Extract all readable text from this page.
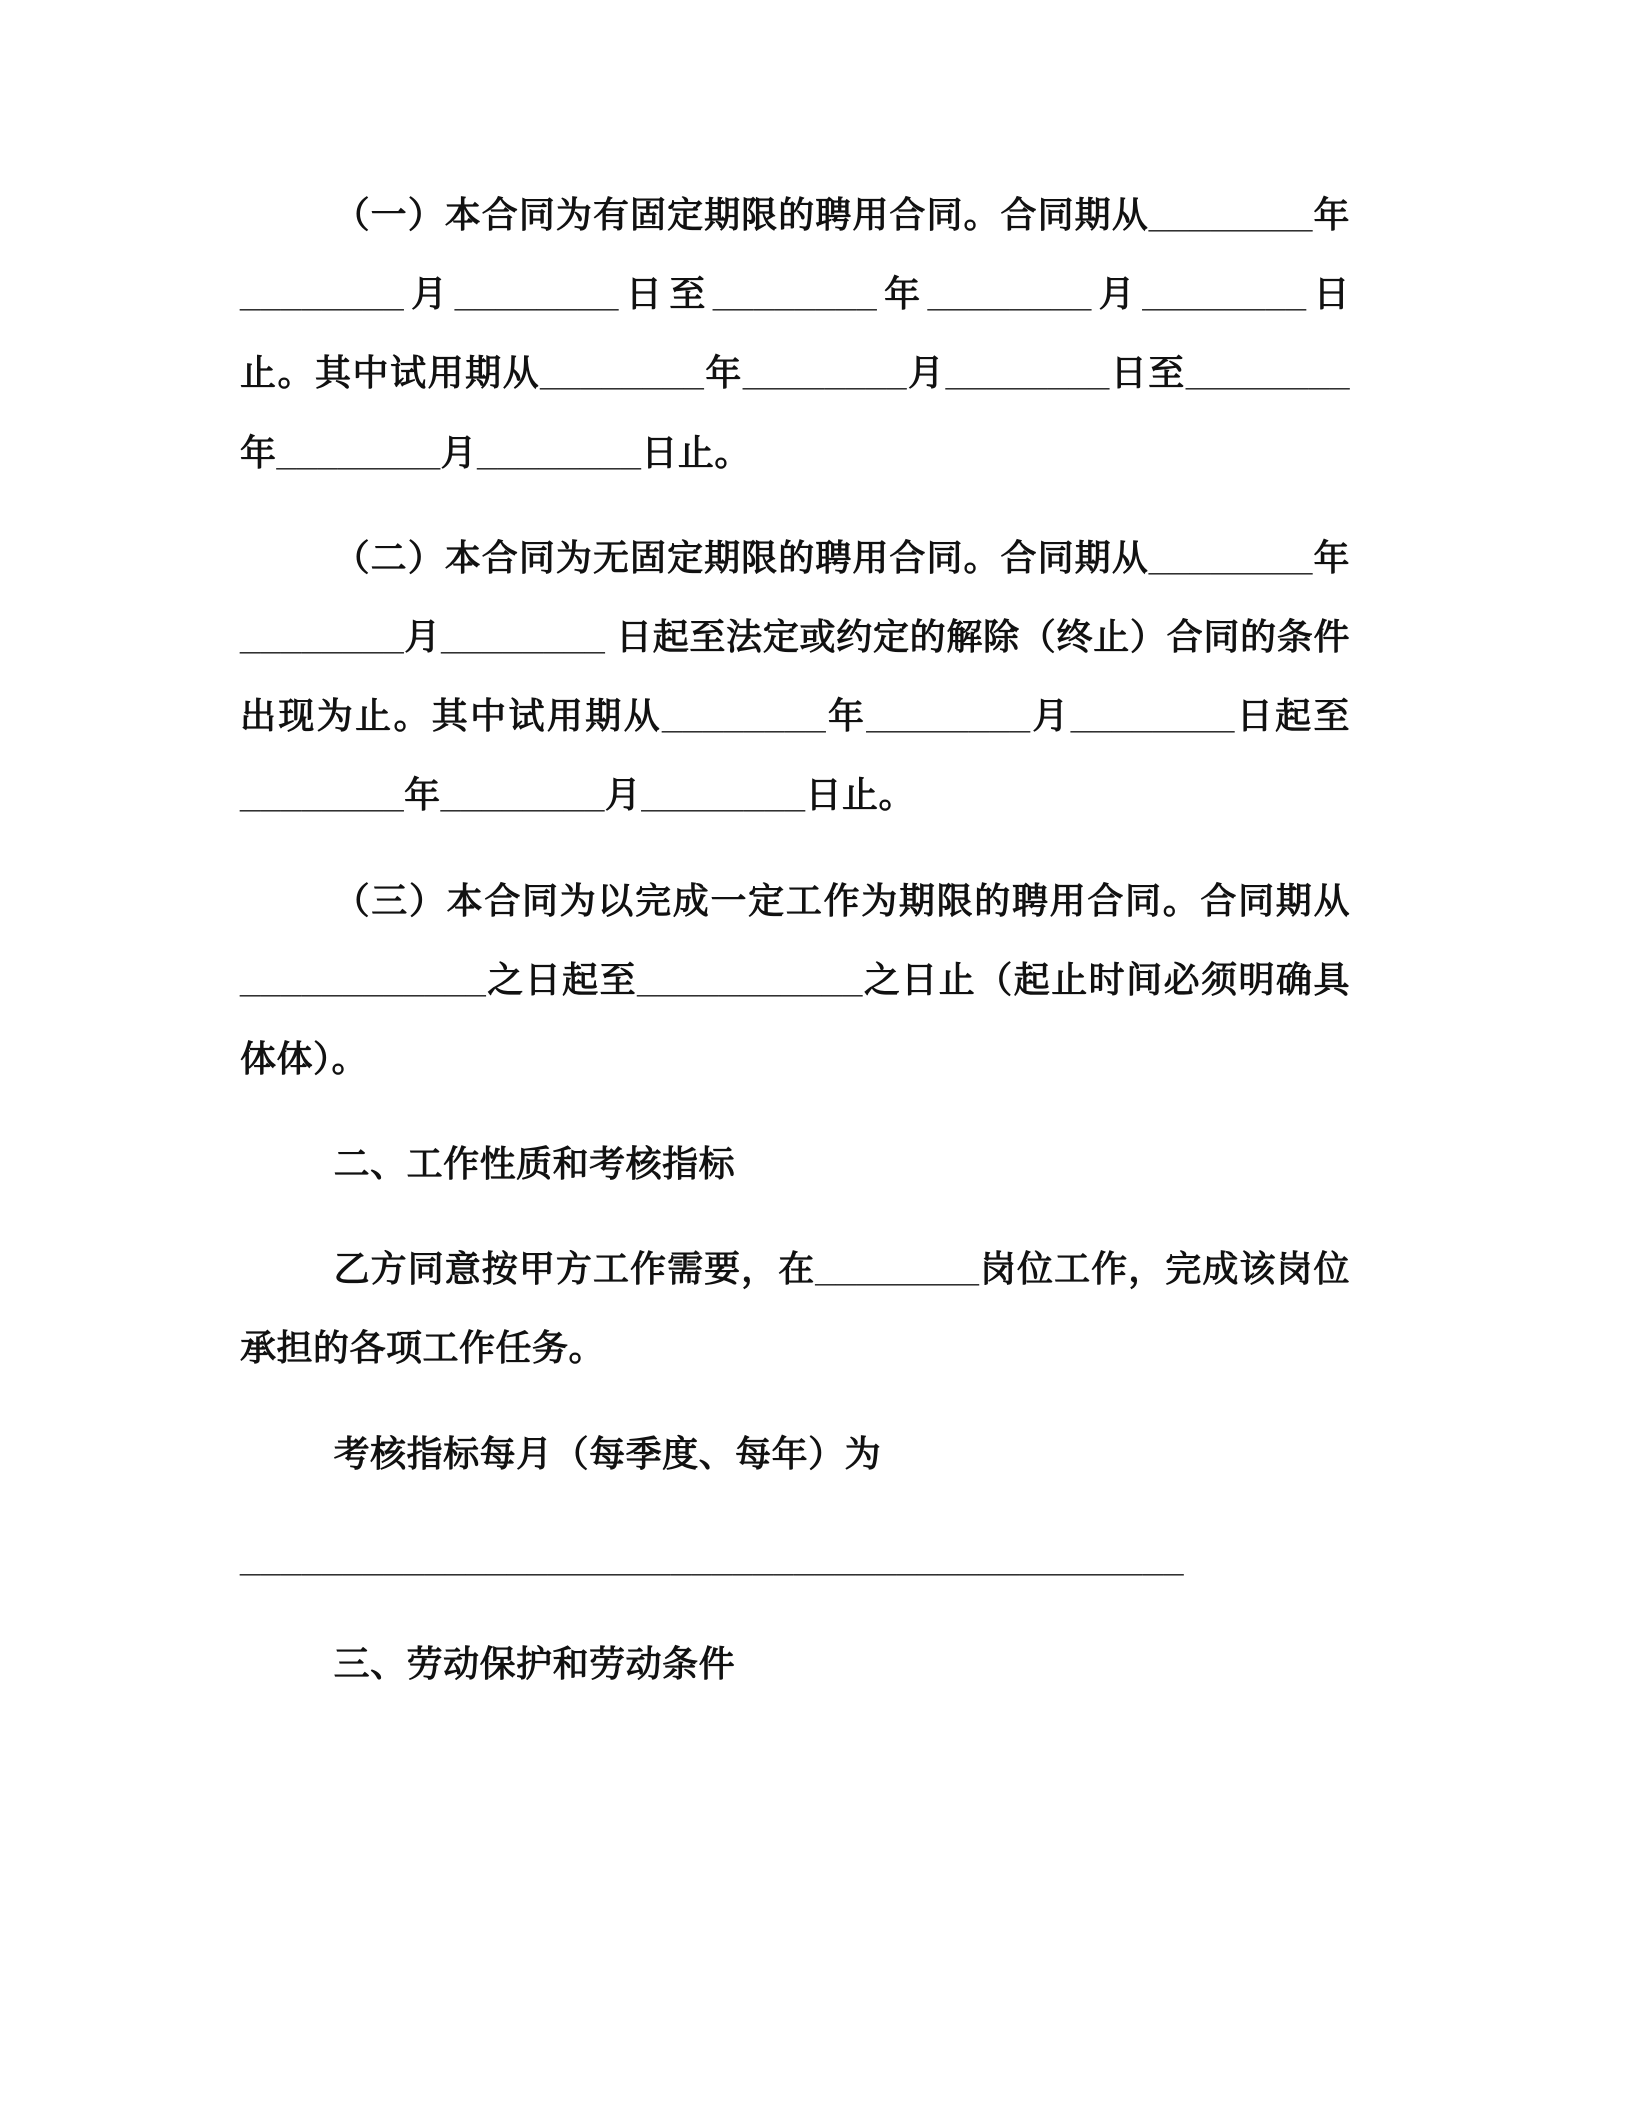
（一）本合同为有固定期限的聘用合同。合同期从________年________月________日至________年________月________日止。其中试用期从________年________月________日至________年________月________日止。

（二）本合同为无固定期限的聘用合同。合同期从________年________月________ 日起至法定或约定的解除（终止）合同的条件出现为止。其中试用期从________年________月________日起至________年________月________日止。

（三）本合同为以完成一定工作为期限的聘用合同。合同期从____________之日起至___________之日止（起止时间必须明确具体体）。

二、工作性质和考核指标

乙方同意按甲方工作需要，在________岗位工作，完成该岗位承担的各项工作任务。

考核指标每月（每季度、每年）为

______________________________________________

三、劳动保护和劳动条件
